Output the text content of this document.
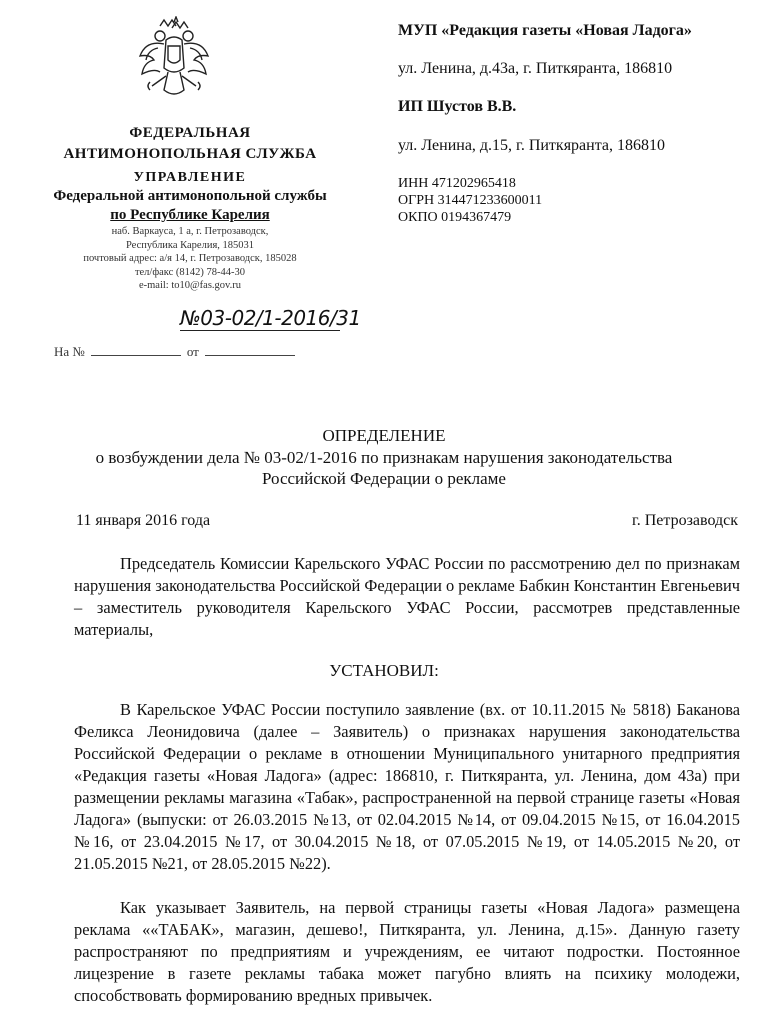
ФЕДЕРАЛЬНАЯ
АНТИМОНОПОЛЬНАЯ СЛУЖБА
УПРАВЛЕНИЕ
Федеральной антимонопольной службы
по Республике Карелия
наб. Варкауса, 1 а, г. Петрозаводск,
Республика Карелия, 185031
почтовый адрес: а/я 14, г. Петрозаводск, 185028
тел/факс (8142) 78-44-30
e-mail: to10@fas.gov.ru
№03-02/1-2016/31
На №	от
МУП «Редакция газеты «Новая Ладога»
ул. Ленина, д.43а, г. Питкяранта, 186810
ИП Шустов В.В.
ул. Ленина, д.15, г. Питкяранта, 186810
ИНН 471202965418
ОГРН 314471233600011
ОКПО 0194367479
ОПРЕДЕЛЕНИЕ
о возбуждении дела № 03-02/1-2016 по признакам нарушения законодательства
Российской Федерации о рекламе
11 января 2016 года	г. Петрозаводск
Председатель Комиссии Карельского УФАС России по рассмотрению дел по признакам нарушения законодательства Российской Федерации о рекламе Бабкин Константин Евгеньевич – заместитель руководителя Карельского УФАС России, рассмотрев представленные материалы,
УСТАНОВИЛ:
В Карельское УФАС России поступило заявление (вх. от 10.11.2015 № 5818) Баканова Феликса Леонидовича (далее – Заявитель) о признаках нарушения законодательства Российской Федерации о рекламе в отношении Муниципального унитарного предприятия «Редакция газеты «Новая Ладога» (адрес: 186810, г. Питкяранта, ул. Ленина, дом 43а) при размещении рекламы магазина «Табак», распространенной на первой странице газеты «Новая Ладога» (выпуски: от 26.03.2015 №13, от 02.04.2015 №14, от 09.04.2015 №15, от 16.04.2015 №16, от 23.04.2015 №17, от 30.04.2015 №18, от 07.05.2015 №19, от 14.05.2015 №20, от 21.05.2015 №21, от 28.05.2015 №22).
Как указывает Заявитель, на первой страницы газеты «Новая Ладога» размещена реклама ««ТАБАК», магазин, дешево!, Питкяранта, ул. Ленина, д.15». Данную газету распространяют по предприятиям и учреждениям, ее читают подростки. Постоянное лицезрение в газете рекламы табака может пагубно влиять на психику молодежи, способствовать формированию вредных привычек.
